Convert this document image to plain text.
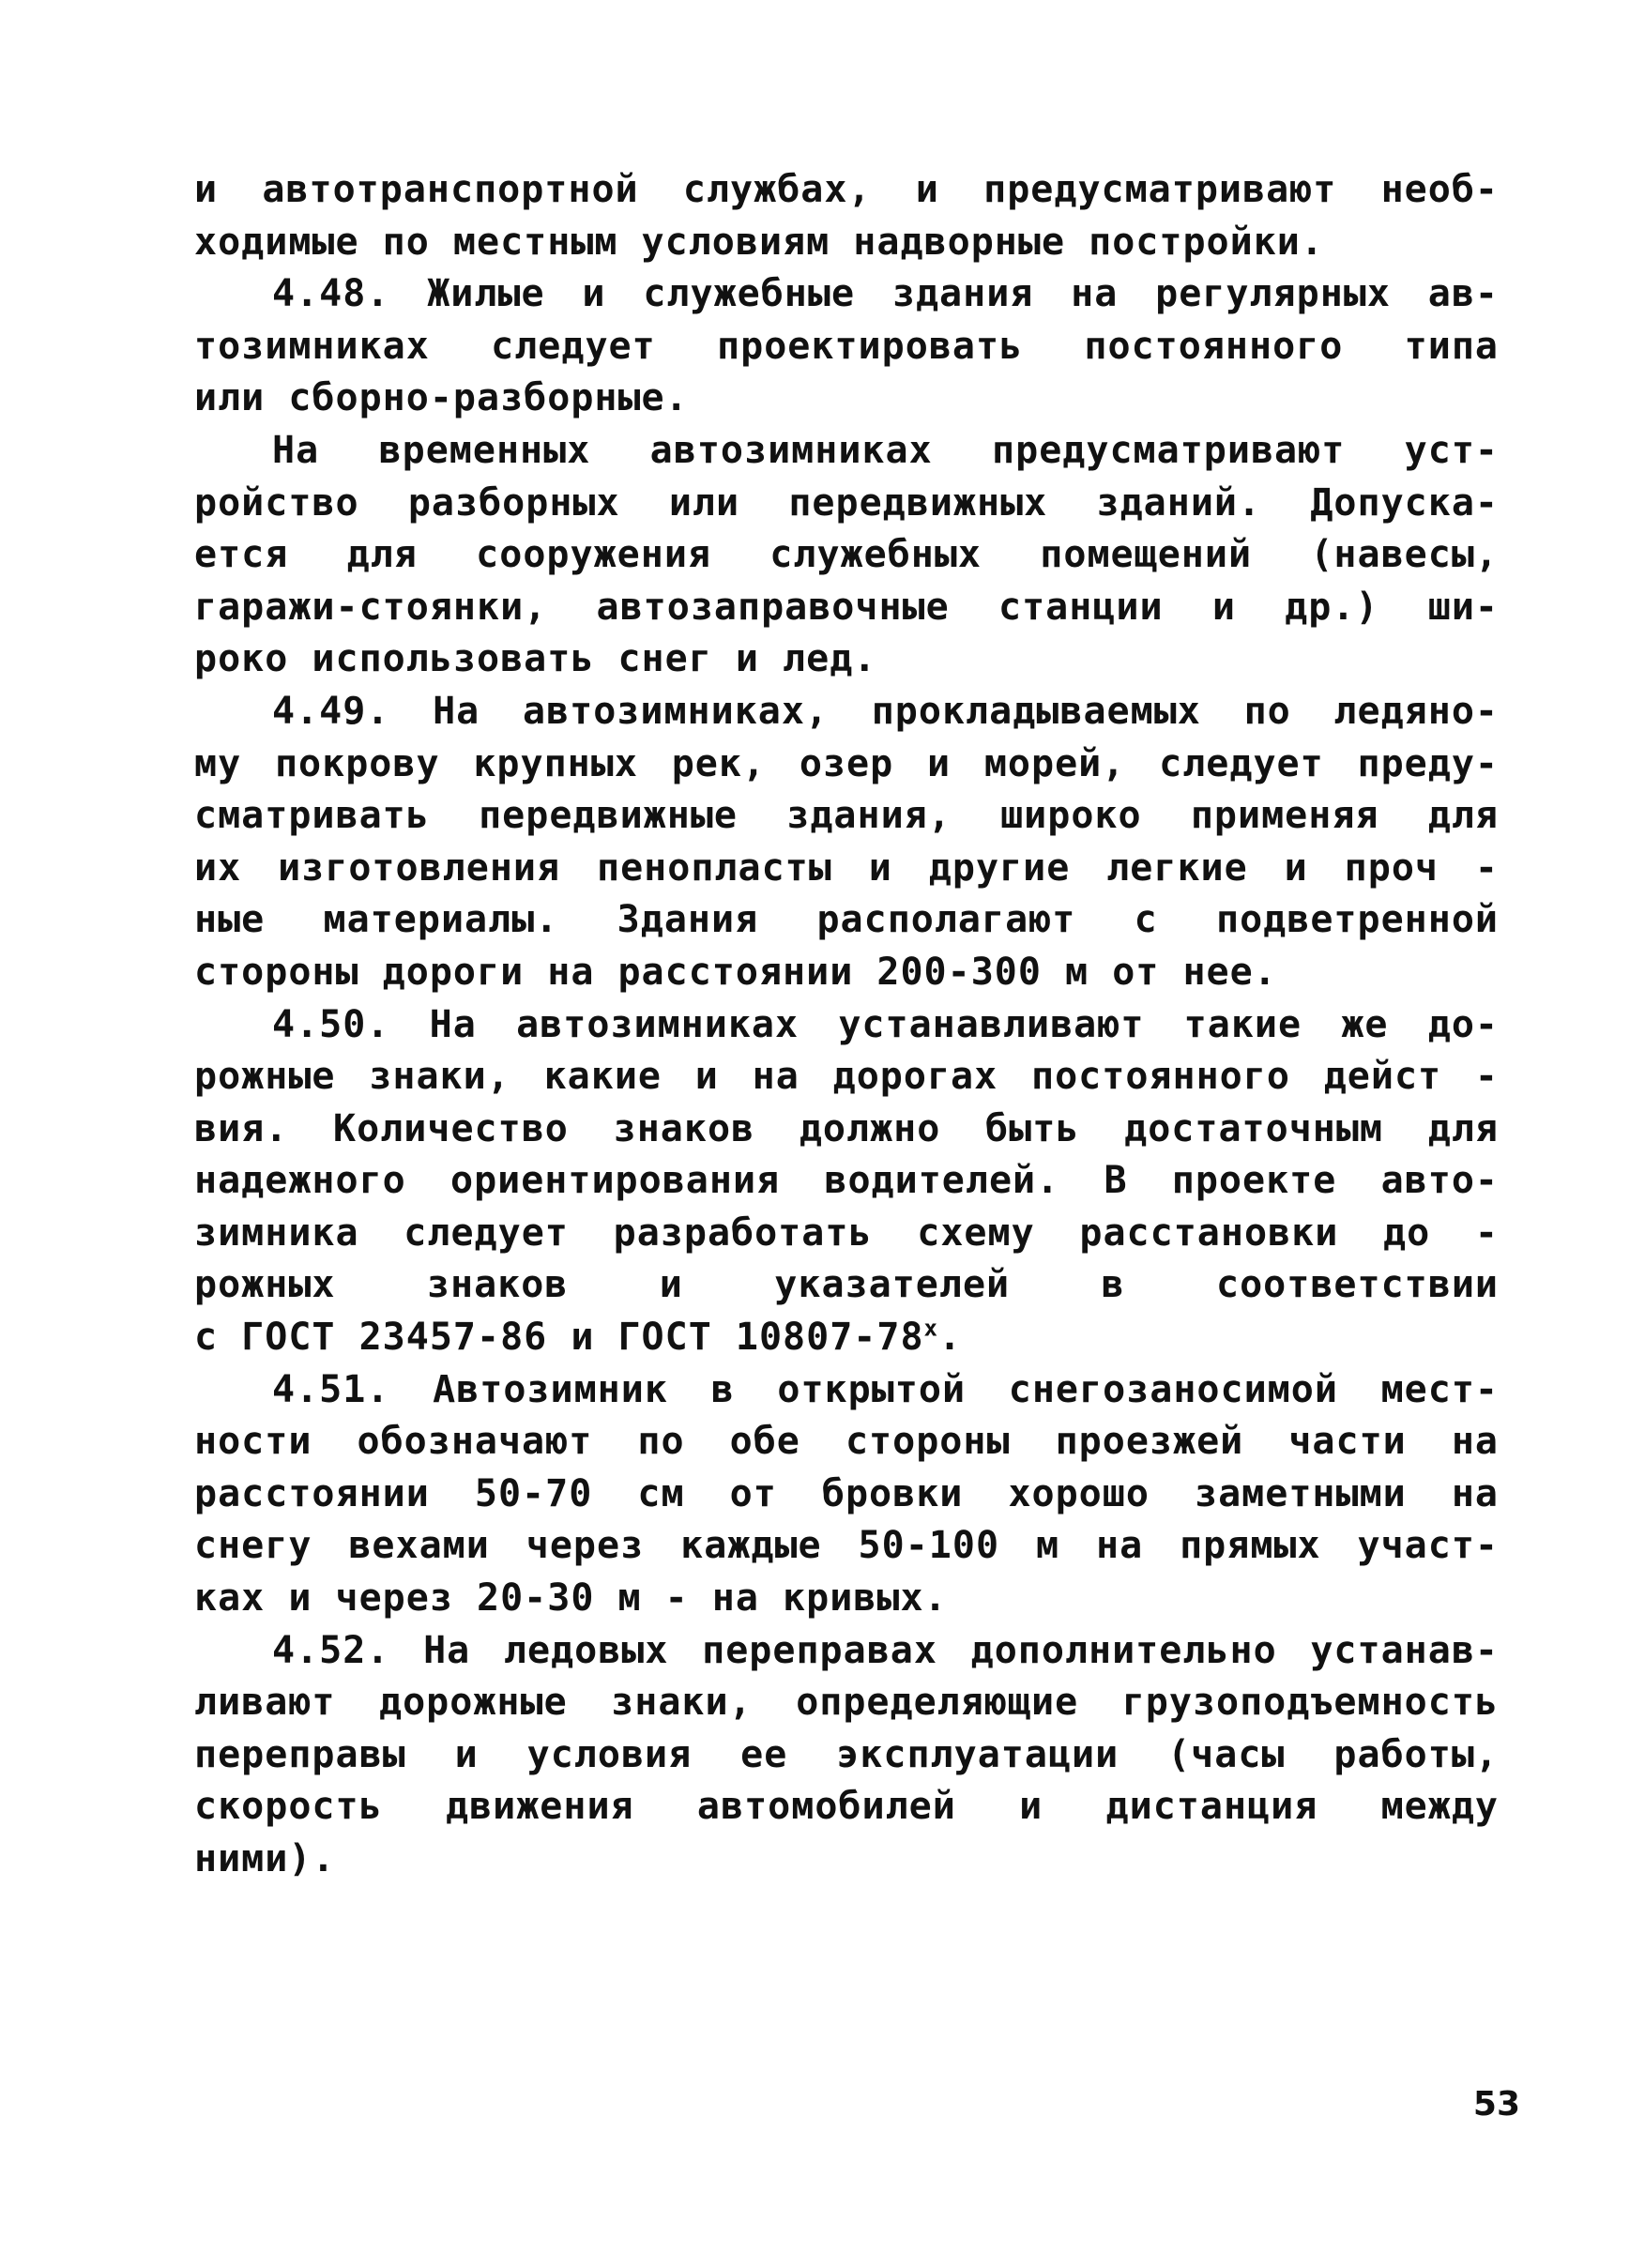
и автотранспортной службах, и предусматривают необ-
ходимые по местным условиям надворные постройки.
4.48. Жилые и служебные здания на регулярных ав-
тозимниках следует проектировать постоянного типа
или сборно-разборные.
На временных автозимниках предусматривают уст-
ройство разборных или передвижных зданий. Допуска-
ется для сооружения служебных помещений (навесы,
гаражи-стоянки, автозаправочные станции и др.) ши-
роко использовать снег и лед.
4.49. На автозимниках, прокладываемых по ледяно-
му покрову крупных рек, озер и морей, следует преду-
сматривать передвижные здания, широко применяя для
их изготовления пенопласты и другие легкие и проч -
ные материалы. Здания располагают с подветренной
стороны дороги на расстоянии 200-300 м от нее.
4.50. На автозимниках устанавливают такие же до-
рожные знаки, какие и на дорогах постоянного дейст -
вия. Количество знаков должно быть достаточным для
надежного ориентирования водителей. В проекте авто-
зимника следует разработать схему расстановки до -
рожных знаков и указателей в соответствии
с ГОСТ 23457-86 и ГОСТ 10807-78$^x$.
4.51. Автозимник в открытой снегозаносимой мест-
ности обозначают по обе стороны проезжей части на
расстоянии 50-70 см от бровки хорошо заметными на
снегу вехами через каждые 50-100 м на прямых участ-
ках и через 20-30 м - на кривых.
4.52. На ледовых переправах дополнительно устанав-
ливают дорожные знаки, определяющие грузоподъемность
переправы и условия ее эксплуатации (часы работы,
скорость движения автомобилей и дистанция между
ними).
53
